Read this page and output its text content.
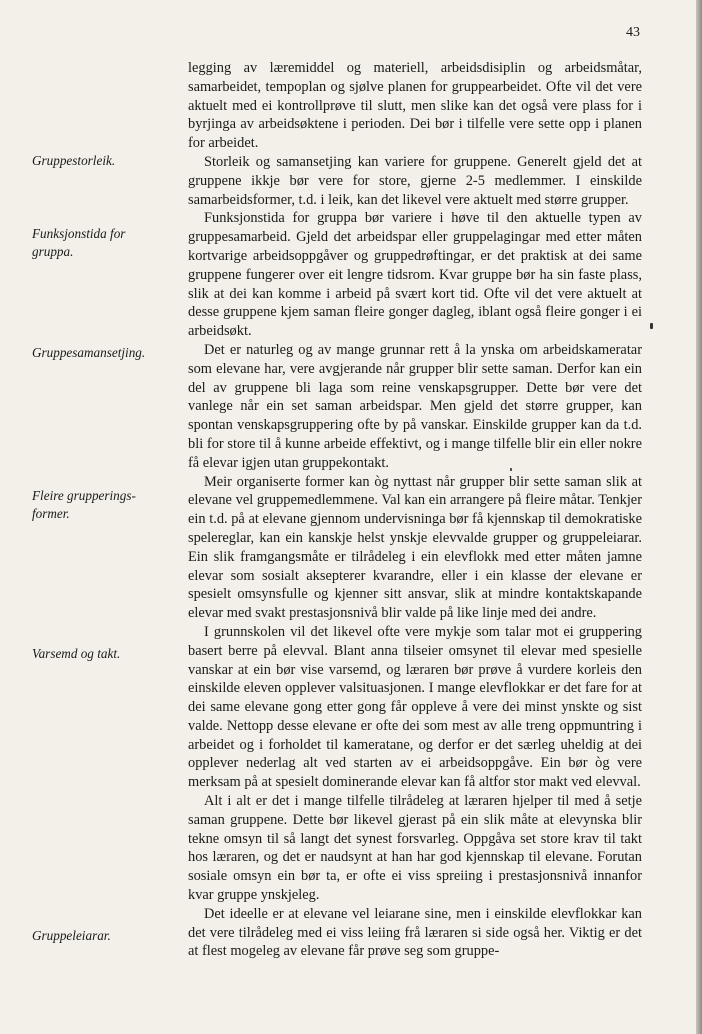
43
Gruppestorleik.
Funksjonstida for gruppa.
Gruppesamansetjing.
Fleire grupperings-former.
Varsemd og takt.
Gruppeleiarar.

legging av læremiddel og materiell, arbeidsdisiplin og arbeidsmåtar, samarbeidet, tempoplan og sjølve planen for gruppearbeidet. Ofte vil det vere aktuelt med ei kontrollprøve til slutt, men slike kan det også vere plass for i byrjinga av arbeidsøktene i perioden. Dei bør i tilfelle vere sette opp i planen for arbeidet.

Storleik og samansetjing kan variere for gruppene. Generelt gjeld det at gruppene ikkje bør vere for store, gjerne 2-5 medlemmer. I einskilde samarbeidsformer, t.d. i leik, kan det likevel vere aktuelt med større grupper.

Funksjonstida for gruppa bør variere i høve til den aktuelle typen av gruppesamarbeid. Gjeld det arbeidspar eller gruppelagingar med etter måten kortvarige arbeidsoppgåver og gruppedrøftingar, er det praktisk at dei same gruppene fungerer over eit lengre tidsrom. Kvar gruppe bør ha sin faste plass, slik at dei kan komme i arbeid på svært kort tid. Ofte vil det vere aktuelt at desse gruppene kjem saman fleire gonger dagleg, iblant også fleire gonger i ei arbeidsøkt.

Det er naturleg og av mange grunnar rett å la ynska om arbeidskameratar som elevane har, vere avgjerande når grupper blir sette saman. Derfor kan ein del av gruppene bli laga som reine venskapsgrupper. Dette bør vere det vanlege når ein set saman arbeidspar. Men gjeld det større grupper, kan spontan venskapsgruppering ofte by på vanskar. Einskilde grupper kan da t.d. bli for store til å kunne arbeide effektivt, og i mange tilfelle blir ein eller nokre få elevar igjen utan gruppekontakt.

Meir organiserte former kan òg nyttast når grupper blir sette saman slik at elevane vel gruppemedlemmene. Val kan ein arrangere på fleire måtar. Tenkjer ein t.d. på at elevane gjennom undervisninga bør få kjennskap til demokratiske spelereglar, kan ein kanskje helst ynskje elevvalde grupper og gruppeleiarar. Ein slik framgangsmåte er tilrådeleg i ein elevflokk med etter måten jamne elevar som sosialt aksepterer kvarandre, eller i ein klasse der elevane er spesielt omsynsfulle og kjenner sitt ansvar, slik at mindre kontaktskapande elevar med svakt prestasjonsnivå blir valde på like linje med dei andre.

I grunnskolen vil det likevel ofte vere mykje som talar mot ei gruppering basert berre på elevval. Blant anna tilseier omsynet til elevar med spesielle vanskar at ein bør vise varsemd, og læraren bør prøve å vurdere korleis den einskilde eleven opplever valsituasjonen. I mange elevflokkar er det fare for at dei same elevane gong etter gong får oppleve å vere dei minst ynskte og sist valde. Nettopp desse elevane er ofte dei som mest av alle treng oppmuntring i arbeidet og i forholdet til kameratane, og derfor er det særleg uheldig at dei opplever nederlag alt ved starten av ei arbeidsoppgåve. Ein bør òg vere merksam på at spesielt dominerande elevar kan få altfor stor makt ved elevval.

Alt i alt er det i mange tilfelle tilrådeleg at læraren hjelper til med å setje saman gruppene. Dette bør likevel gjerast på ein slik måte at elevynska blir tekne omsyn til så langt det synest forsvarleg. Oppgåva set store krav til takt hos læraren, og det er naudsynt at han har god kjennskap til elevane. Forutan sosiale omsyn ein bør ta, er ofte ei viss spreiing i prestasjonsnivå innanfor kvar gruppe ynskjeleg.

Det ideelle er at elevane vel leiarane sine, men i einskilde elevflokkar kan det vere tilrådeleg med ei viss leiing frå læraren si side også her. Viktig er det at flest mogeleg av elevane får prøve seg som gruppe-
